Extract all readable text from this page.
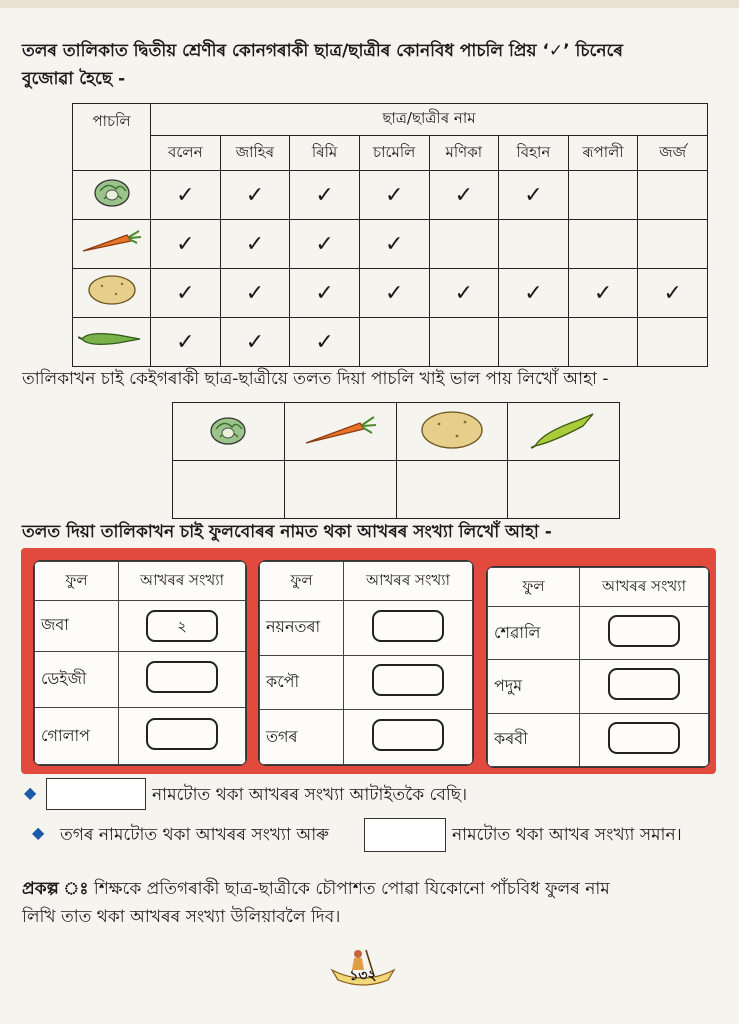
তলৰ তালিকাত দ্বিতীয় শ্ৰেণীৰ কোনগৰাকী ছাত্ৰ/ছাত্ৰীৰ কোনবিধ পাচলি প্ৰিয় ‘✓’ চিনেৰে
বুজোৱা হৈছে -
পাচলি	ছাত্ৰ/ছাত্ৰীৰ নাম							
	বলেন	জাহিৰ	ৰিমি	চামেলি	মণিকা	বিহান	ৰূপালী	জৰ্জ
	✓	✓	✓	✓	✓	✓		
	✓	✓	✓	✓				
	✓	✓	✓	✓	✓	✓	✓	✓
	✓	✓	✓					
তালিকাখন চাই কেইগৰাকী ছাত্ৰ-ছাত্ৰীয়ে তলত দিয়া পাচলি খাই ভাল পায় লিখোঁ আহা -

তলত দিয়া তালিকাখন চাই ফুলবোৰৰ নামত থকা আখৰৰ সংখ্যা লিখোঁ আহা -
ফুল	আখৰৰ সংখ্যা
জবা	২
ডেইজী	
গোলাপ	
ফুল	আখৰৰ সংখ্যা
নয়নতৰা	
কপৌ	
তগৰ	
ফুল	আখৰৰ সংখ্যা
শেৱালি	
পদুম	
কৰবী	
◆	নামটোত থকা আখৰৰ সংখ্যা আটাইতকৈ বেছি।
◆ তগৰ নামটোত থকা আখৰৰ সংখ্যা আৰু	নামটোত থকা আখৰ সংখ্যা সমান।
প্ৰকল্প ঃ শিক্ষকে প্ৰতিগৰাকী ছাত্ৰ-ছাত্ৰীকে চৌপাশত পোৱা যিকোনো পাঁচবিধ ফুলৰ নাম
লিখি তাত থকা আখৰৰ সংখ্যা উলিয়াবলৈ দিব।
১৩২
